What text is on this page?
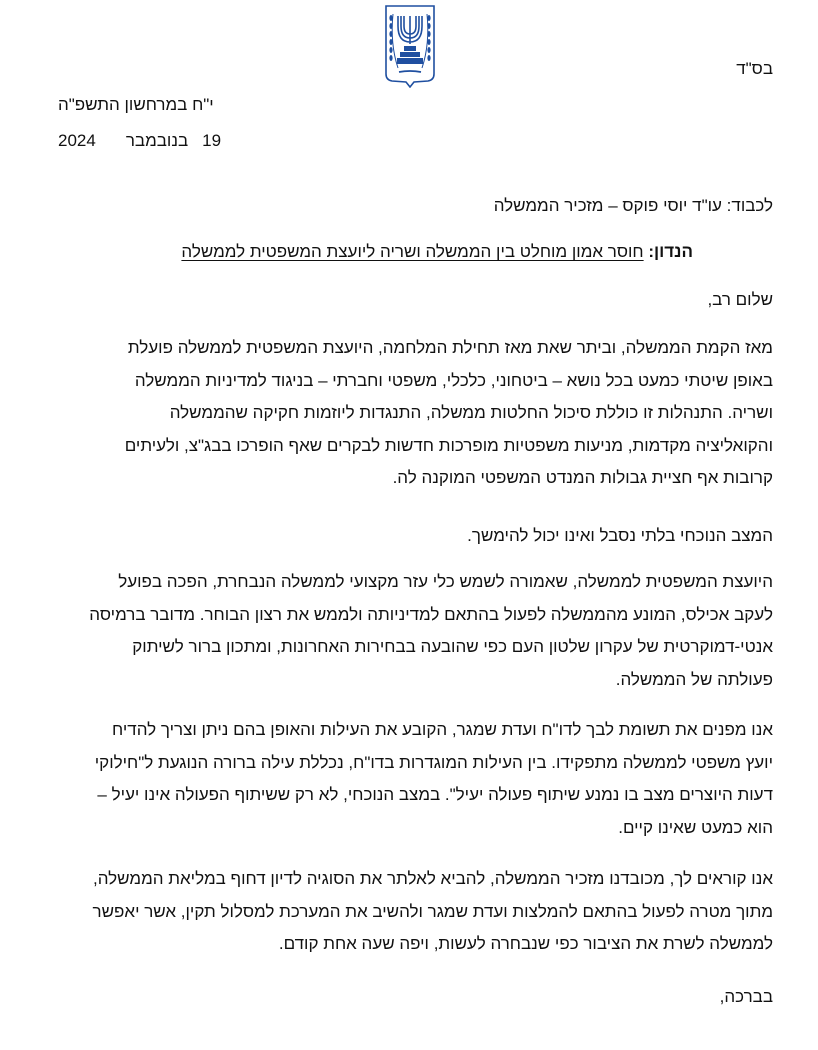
בס"ד
י"ח במרחשון התשפ"ה
2024 בנובמבר 19
לכבוד: עו"ד יוסי פוקס – מזכיר הממשלה
הנדון: חוסר אמון מוחלט בין הממשלה ושריה ליועצת המשפטית לממשלה
שלום רב,
מאז הקמת הממשלה, וביתר שאת מאז תחילת המלחמה, היועצת המשפטית לממשלה פועלת
באופן שיטתי כמעט בכל נושא – ביטחוני, כלכלי, משפטי וחברתי – בניגוד למדיניות הממשלה
ושריה. התנהלות זו כוללת סיכול החלטות ממשלה, התנגדות ליוזמות חקיקה שהממשלה
והקואליציה מקדמות, מניעות משפטיות מופרכות חדשות לבקרים שאף הופרכו בבג"צ, ולעיתים
קרובות אף חציית גבולות המנדט המשפטי המוקנה לה.
המצב הנוכחי בלתי נסבל ואינו יכול להימשך.
היועצת המשפטית לממשלה, שאמורה לשמש כלי עזר מקצועי לממשלה הנבחרת, הפכה בפועל
לעקב אכילס, המונע מהממשלה לפעול בהתאם למדיניותה ולממש את רצון הבוחר. מדובר ברמיסה
אנטי-דמוקרטית של עקרון שלטון העם כפי שהובעה בבחירות האחרונות, ומתכון ברור לשיתוק
פעולתה של הממשלה.
אנו מפנים את תשומת לבך לדו"ח ועדת שמגר, הקובע את העילות והאופן בהם ניתן וצריך להדיח
יועץ משפטי לממשלה מתפקידו. בין העילות המוגדרות בדו"ח, נכללת עילה ברורה הנוגעת ל"חילוקי
דעות היוצרים מצב בו נמנע שיתוף פעולה יעיל". במצב הנוכחי, לא רק ששיתוף הפעולה אינו יעיל –
הוא כמעט שאינו קיים.
אנו קוראים לך, מכובדנו מזכיר הממשלה, להביא לאלתר את הסוגיה לדיון דחוף במליאת הממשלה,
מתוך מטרה לפעול בהתאם להמלצות ועדת שמגר ולהשיב את המערכת למסלול תקין, אשר יאפשר
לממשלה לשרת את הציבור כפי שנבחרה לעשות, ויפה שעה אחת קודם.
בברכה,
